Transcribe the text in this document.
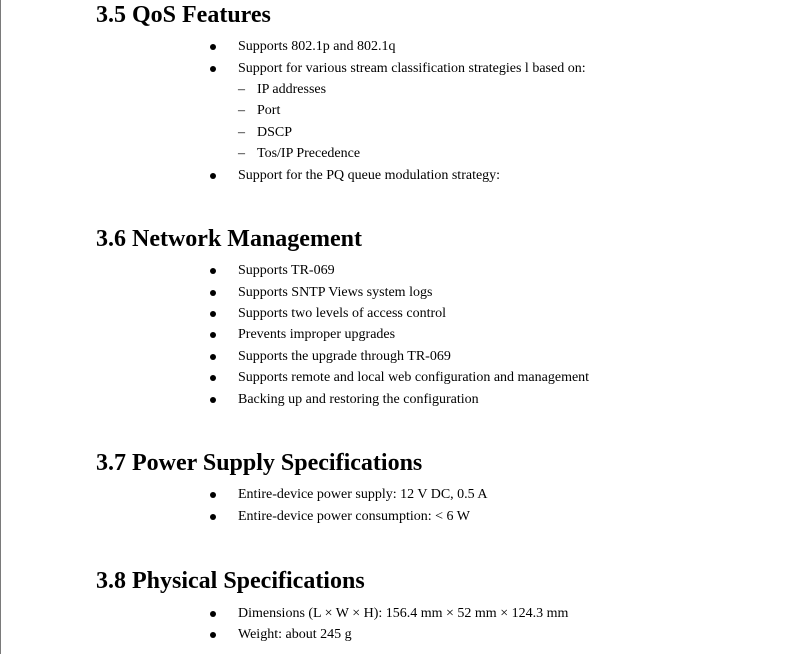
3.5 QoS Features
Supports 802.1p and 802.1q
Support for various stream classification strategies l based on:
– IP addresses
– Port
– DSCP
– Tos/IP Precedence
Support for the PQ queue modulation strategy:
3.6 Network Management
Supports TR-069
Supports SNTP Views system logs
Supports two levels of access control
Prevents improper upgrades
Supports the upgrade through TR-069
Supports remote and local web configuration and management
Backing up and restoring the configuration
3.7 Power Supply Specifications
Entire-device power supply: 12 V DC, 0.5 A
Entire-device power consumption: < 6 W
3.8 Physical Specifications
Dimensions (L × W × H): 156.4 mm × 52 mm × 124.3 mm
Weight: about 245 g
